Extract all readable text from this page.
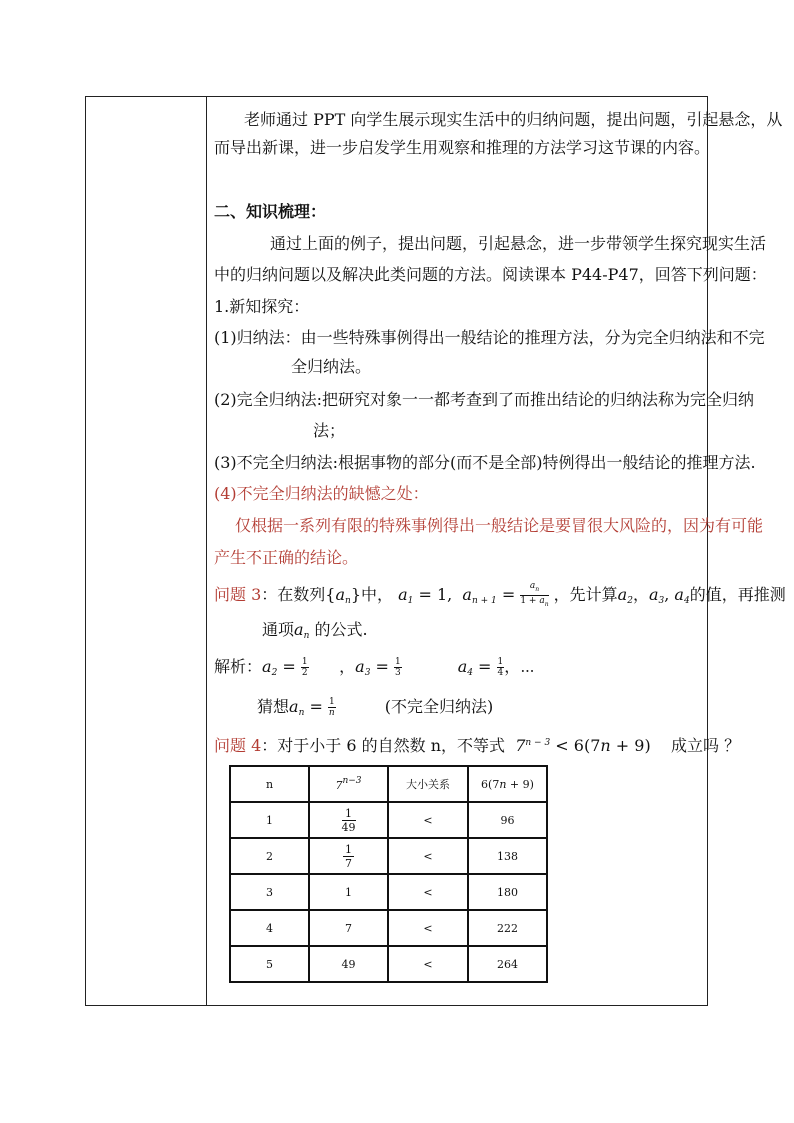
老师通过 PPT 向学生展示现实生活中的归纳问题，提出问题，引起悬念，从
而导出新课，进一步启发学生用观察和推理的方法学习这节课的内容。
二、知识梳理：
通过上面的例子，提出问题，引起悬念，进一步带领学生探究现实生活
中的归纳问题以及解决此类问题的方法。阅读课本 P44-P47，回答下列问题：
1.新知探究：
(1)归纳法：由一些特殊事例得出一般结论的推理方法，分为完全归纳法和不完
全归纳法。
(2)完全归纳法:把研究对象一一都考查到了而推出结论的归纳法称为完全归纳
法；
(3)不完全归纳法:根据事物的部分(而不是全部)特例得出一般结论的推理方法.
(4)不完全归纳法的缺憾之处：
仅根据一系列有限的特殊事例得出一般结论是要冒很大风险的，因为有可能
产生不正确的结论。
问题 3：在数列$\{a_n\}$中， $a_1 = 1$,  $a_{n + 1} = \frac{a_n}{1 + a_n}$ ，先计算$a_2$，$a_3$, $a_4$的值，再推测
通项$a_n$ 的公式.
解析：$a_2 = \frac{1}{2}$ ，$a_3 = \frac{1}{3}$	$a_4 = \frac{1}{4}$ ，⋯
猜想$a_n = \frac{1}{n}$	(不完全归纳法)
问题 4：对于小于 6 的自然数 n，不等式 $7^{n - 3} < 6(7n + 9)$    成立吗 ？
n	$7^{n-3}$	大小关系	6(7n + 9)
1	$\frac{1}{49}$	<	96
2	$\frac{1}{7}$	<	138
3	1	<	180
4	7	<	222
5	49	<	264
